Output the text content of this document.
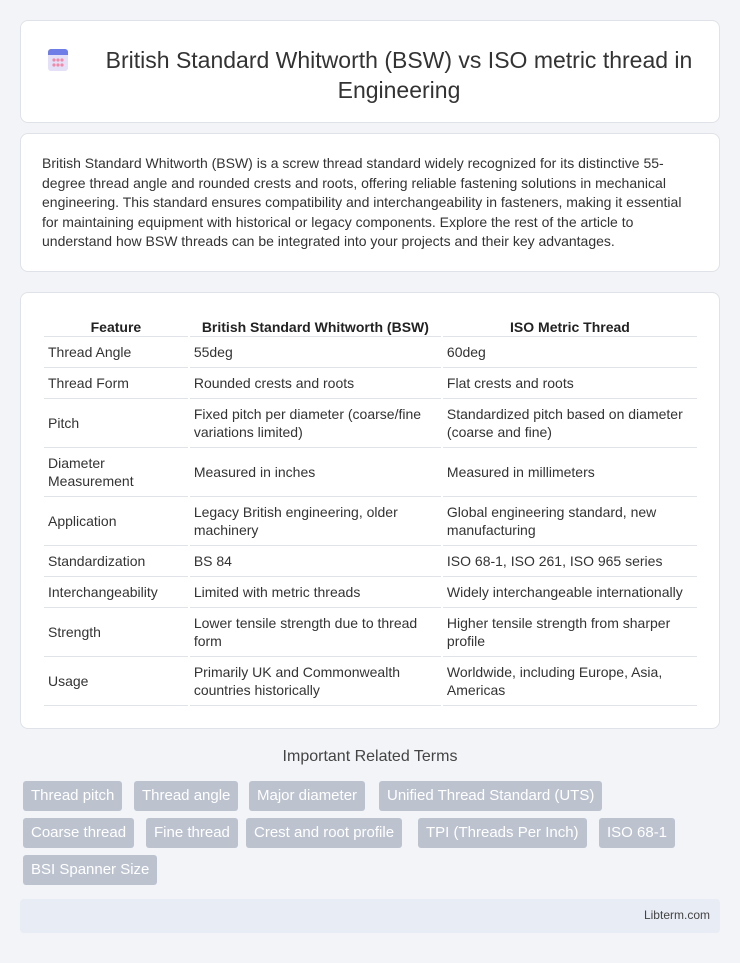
British Standard Whitworth (BSW) vs ISO metric thread in Engineering

British Standard Whitworth (BSW) is a screw thread standard widely recognized for its distinctive 55-degree thread angle and rounded crests and roots, offering reliable fastening solutions in mechanical engineering. This standard ensures compatibility and interchangeability in fasteners, making it essential for maintaining equipment with historical or legacy components. Explore the rest of the article to understand how BSW threads can be integrated into your projects and their key advantages.

Feature	British Standard Whitworth (BSW)	ISO Metric Thread
Thread Angle	55deg	60deg
Thread Form	Rounded crests and roots	Flat crests and roots
Pitch	Fixed pitch per diameter (coarse/fine variations limited)	Standardized pitch based on diameter (coarse and fine)
Diameter Measurement	Measured in inches	Measured in millimeters
Application	Legacy British engineering, older machinery	Global engineering standard, new manufacturing
Standardization	BS 84	ISO 68-1, ISO 261, ISO 965 series
Interchangeability	Limited with metric threads	Widely interchangeable internationally
Strength	Lower tensile strength due to thread form	Higher tensile strength from sharper profile
Usage	Primarily UK and Commonwealth countries historically	Worldwide, including Europe, Asia, Americas
Important Related Terms
Thread pitch	Thread angle	Major diameter	Unified Thread Standard (UTS)
Coarse thread	Fine thread	Crest and root profile	TPI (Threads Per Inch)	ISO 68-1
BSI Spanner Size
Libterm.com
